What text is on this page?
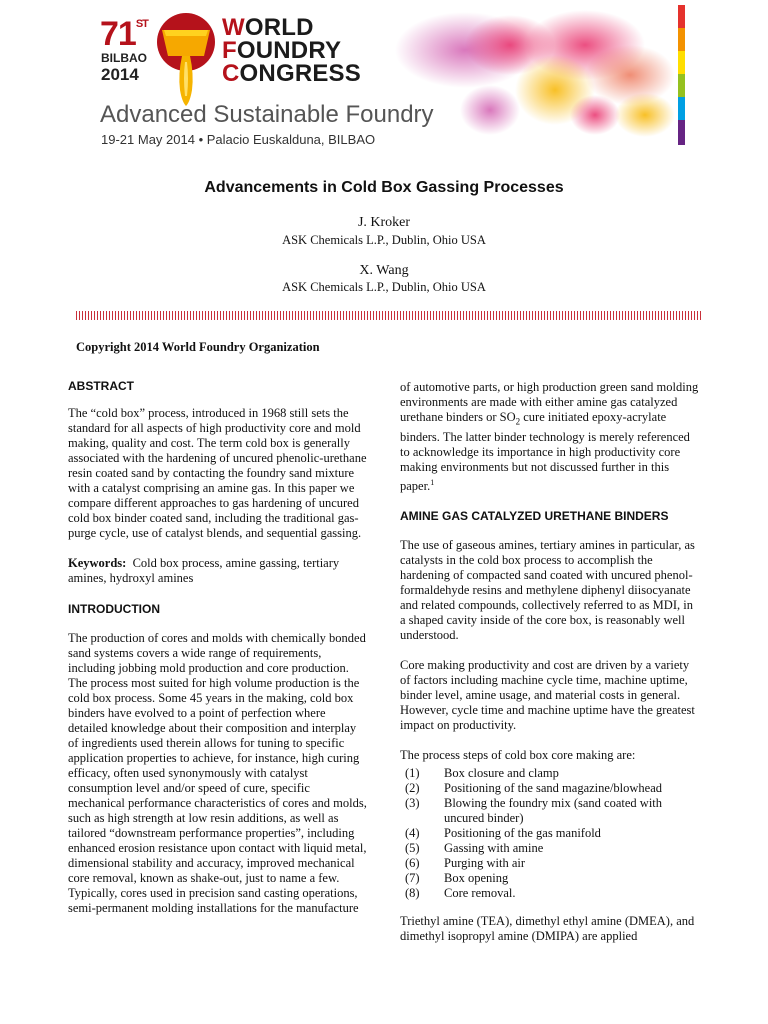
71ST
BILBAO
2014
WORLD
FOUNDRY
CONGRESS
Advanced Sustainable Foundry
19-21 May 2014 • Palacio Euskalduna, BILBAO
Advancements in Cold Box Gassing Processes
J. Kroker
ASK Chemicals L.P., Dublin, Ohio USA
X. Wang
ASK Chemicals L.P., Dublin, Ohio USA
Copyright 2014 World Foundry Organization

ABSTRACT

The “cold box” process, introduced in 1968 still sets the standard for all aspects of high productivity core and mold making, quality and cost. The term cold box is generally associated with the hardening of uncured phenolic-urethane resin coated sand by contacting the foundry sand mixture with a catalyst comprising an amine gas. In this paper we compare different approaches to gas hardening of uncured cold box binder coated sand, including the traditional gas-purge cycle, use of catalyst blends, and sequential gassing.

Keywords: Cold box process, amine gassing, tertiary amines, hydroxyl amines

INTRODUCTION

The production of cores and molds with chemically bonded sand systems covers a wide range of requirements, including jobbing mold production and core production. The process most suited for high volume production is the cold box process. Some 45 years in the making, cold box binders have evolved to a point of perfection where detailed knowledge about their composition and interplay of ingredients used therein allows for tuning to specific application properties to achieve, for instance, high curing efficacy, often used synonymously with catalyst consumption level and/or speed of cure, specific mechanical performance characteristics of cores and molds, such as high strength at low resin additions, as well as tailored “downstream performance properties”, including enhanced erosion resistance upon contact with liquid metal, dimensional stability and accuracy, improved mechanical core removal, known as shake-out, just to name a few. Typically, cores used in precision sand casting operations, semi-permanent molding installations for the manufacture

of automotive parts, or high production green sand molding environments are made with either amine gas catalyzed urethane binders or $SO_2$ cure initiated epoxy-acrylate binders. The latter binder technology is merely referenced to acknowledge its importance in high productivity core making environments but not discussed further in this paper.$^1$

AMINE GAS CATALYZED URETHANE BINDERS

The use of gaseous amines, tertiary amines in particular, as catalysts in the cold box process to accomplish the hardening of compacted sand coated with uncured phenol-formaldehyde resins and methylene diphenyl diisocyanate and related compounds, collectively referred to as MDI, in a shaped cavity inside of the core box, is reasonably well understood.

Core making productivity and cost are driven by a variety of factors including machine cycle time, machine uptime, binder level, amine usage, and material costs in general. However, cycle time and machine uptime have the greatest impact on productivity.

The process steps of cold box core making are:

(1) Box closure and clamp
(2) Positioning of the sand magazine/blowhead
(3) Blowing the foundry mix (sand coated with uncured binder)
(4) Positioning of the gas manifold
(5) Gassing with amine
(6) Purging with air
(7) Box opening
(8) Core removal.

Triethyl amine (TEA), dimethyl ethyl amine (DMEA), and dimethyl isopropyl amine (DMIPA) are applied
